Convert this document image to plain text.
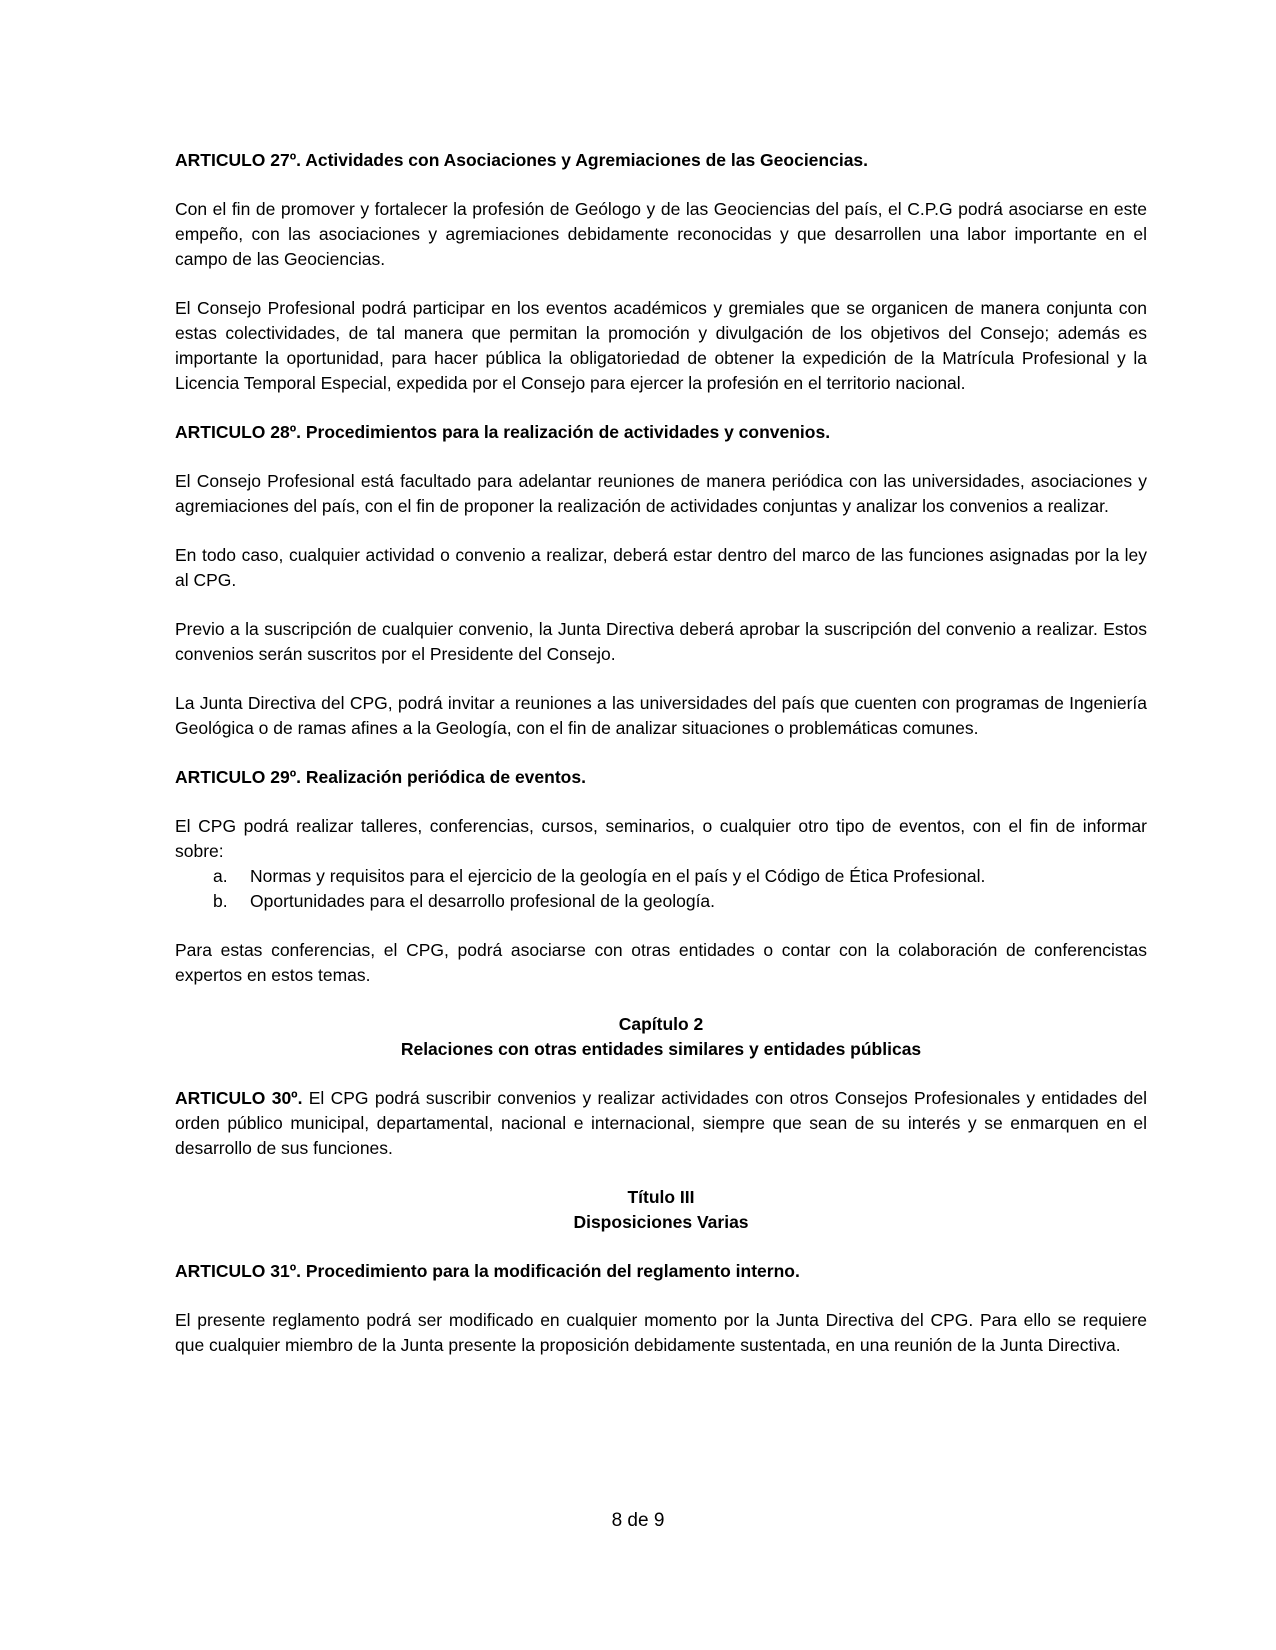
ARTICULO 27º. Actividades con Asociaciones y Agremiaciones de las Geociencias.

Con el fin de promover y fortalecer la profesión de Geólogo y de las Geociencias del país, el C.P.G podrá asociarse en este empeño, con las asociaciones y agremiaciones debidamente reconocidas y que desarrollen una labor importante en el campo de las Geociencias.

El Consejo Profesional podrá participar en los eventos académicos y gremiales que se organicen de manera conjunta con estas colectividades, de tal manera que permitan la promoción y divulgación de los objetivos del Consejo; además es importante la oportunidad, para hacer pública la obligatoriedad de obtener la expedición de la Matrícula Profesional y la Licencia Temporal Especial, expedida por el Consejo para ejercer la profesión en el territorio nacional.

ARTICULO 28º. Procedimientos para la realización de actividades y convenios.

El Consejo Profesional está facultado para adelantar reuniones de manera periódica con las universidades, asociaciones y agremiaciones del país, con el fin de proponer la realización de actividades conjuntas y analizar los convenios a realizar.

En todo caso, cualquier actividad o convenio a realizar, deberá estar dentro del marco de las funciones asignadas por la ley al CPG.

Previo a la suscripción de cualquier convenio, la Junta Directiva deberá aprobar la suscripción del convenio a realizar. Estos convenios serán suscritos por el Presidente del Consejo.

La Junta Directiva del CPG, podrá invitar a reuniones a las universidades del país que cuenten con programas de Ingeniería Geológica o de ramas afines a la Geología, con el fin de analizar situaciones o problemáticas comunes.

ARTICULO 29º. Realización periódica de eventos.

El CPG podrá realizar talleres, conferencias, cursos, seminarios, o cualquier otro tipo de eventos, con el fin de informar sobre:

a.	Normas y requisitos para el ejercicio de la geología en el país y el Código de Ética Profesional.
b.	Oportunidades para el desarrollo profesional de la geología.

Para estas conferencias, el CPG, podrá asociarse con otras entidades o contar con la colaboración de conferencistas expertos en estos temas.

Capítulo 2
Relaciones con otras entidades similares y entidades públicas

ARTICULO 30º. El CPG podrá suscribir convenios y realizar actividades con otros Consejos Profesionales y entidades del orden público municipal, departamental, nacional e internacional, siempre que sean de su interés y se enmarquen en el desarrollo de sus funciones.

Título III
Disposiciones Varias

ARTICULO 31º. Procedimiento para la modificación del reglamento interno.

El presente reglamento podrá ser modificado en cualquier momento por la Junta Directiva del CPG. Para ello se requiere que cualquier miembro de la Junta presente la proposición debidamente sustentada, en una reunión de la Junta Directiva.

8 de 9
